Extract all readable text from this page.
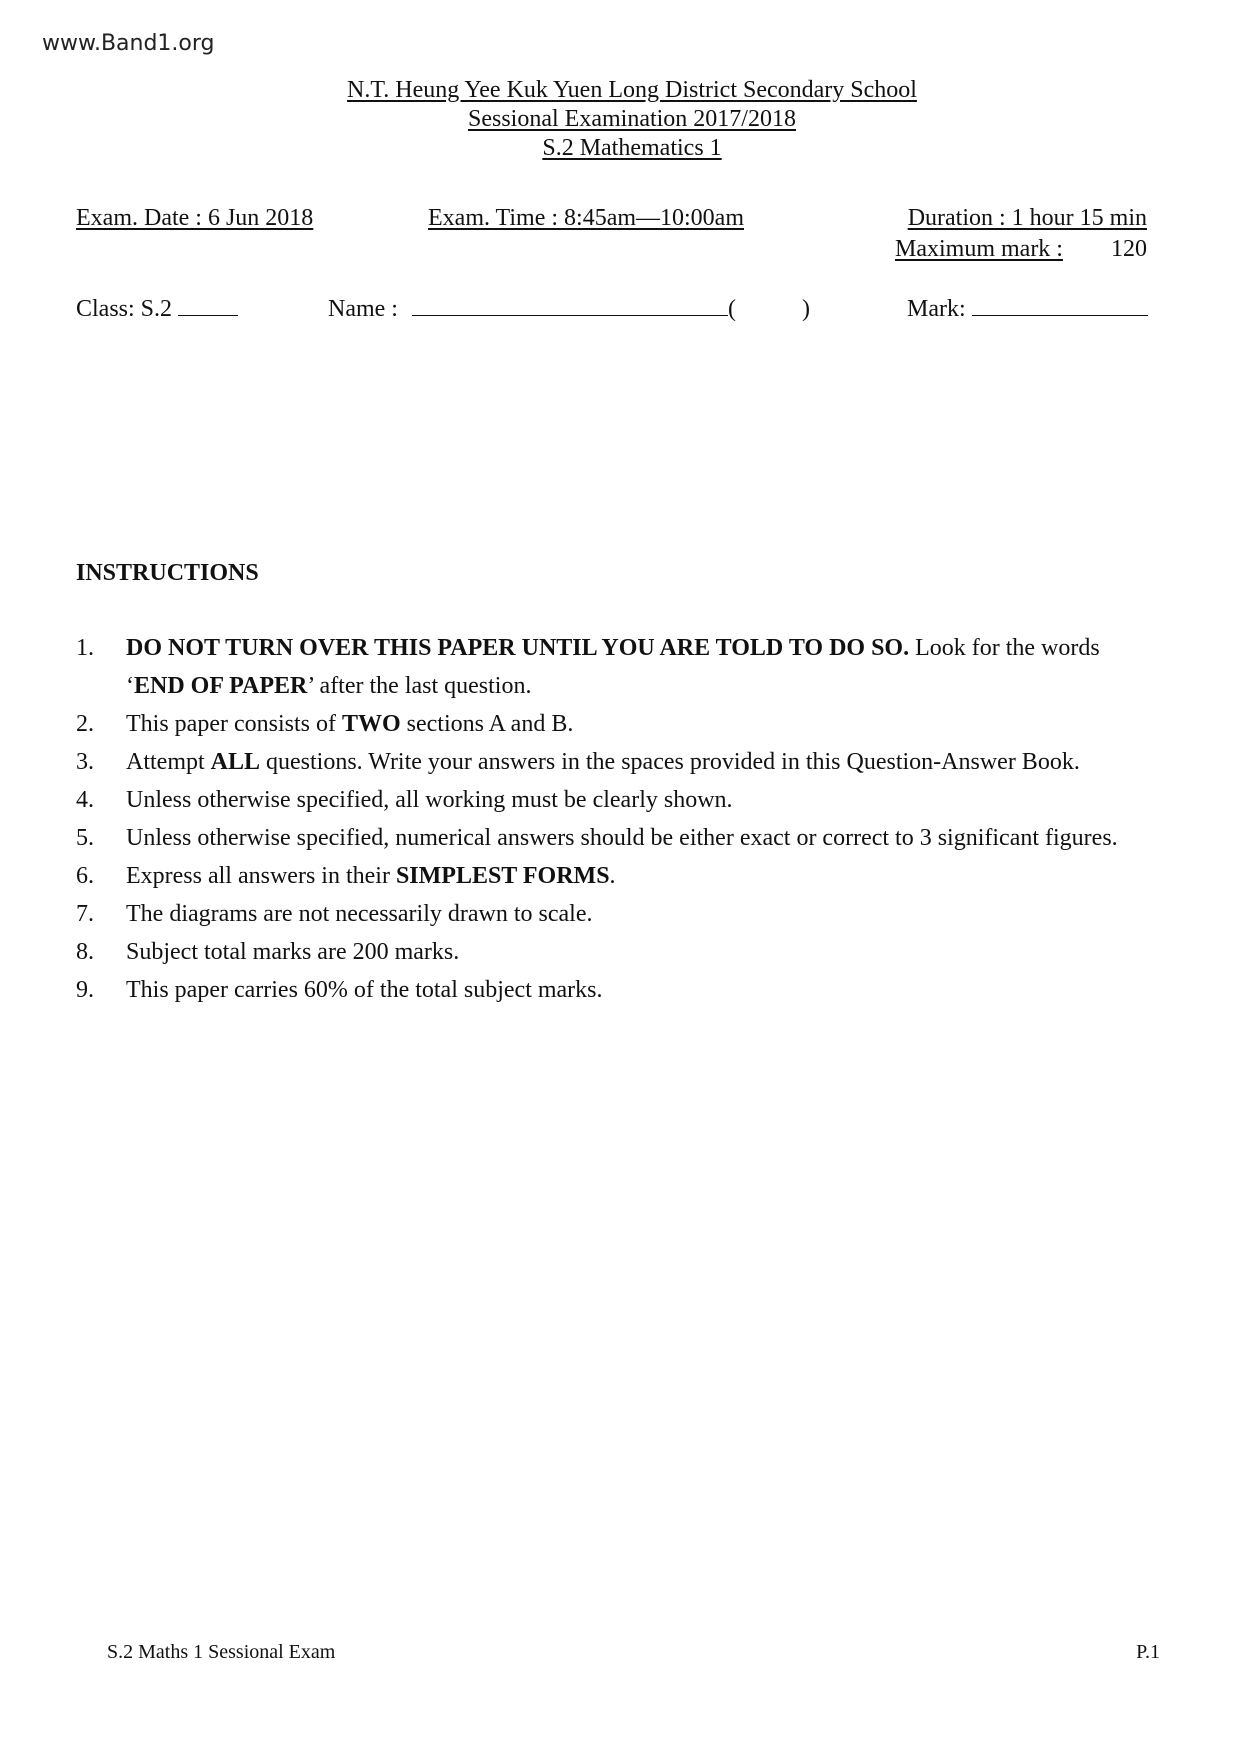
www.Band1.org
N.T. Heung Yee Kuk Yuen Long District Secondary School
Sessional Examination 2017/2018
S.2 Mathematics 1
Exam. Date : 6 Jun 2018	Exam. Time : 8:45am—10:00am	Duration : 1 hour 15 min
Maximum mark : 120
Class: S.2	Name :	(	)	Mark:
INSTRUCTIONS
1. DO NOT TURN OVER THIS PAPER UNTIL YOU ARE TOLD TO DO SO. Look for the words
‘END OF PAPER’ after the last question.
2. This paper consists of TWO sections A and B.
3. Attempt ALL questions. Write your answers in the spaces provided in this Question-Answer Book.
4. Unless otherwise specified, all working must be clearly shown.
5. Unless otherwise specified, numerical answers should be either exact or correct to 3 significant figures.
6. Express all answers in their SIMPLEST FORMS.
7. The diagrams are not necessarily drawn to scale.
8. Subject total marks are 200 marks.
9. This paper carries 60% of the total subject marks.
S.2 Maths 1 Sessional Exam	P.1
